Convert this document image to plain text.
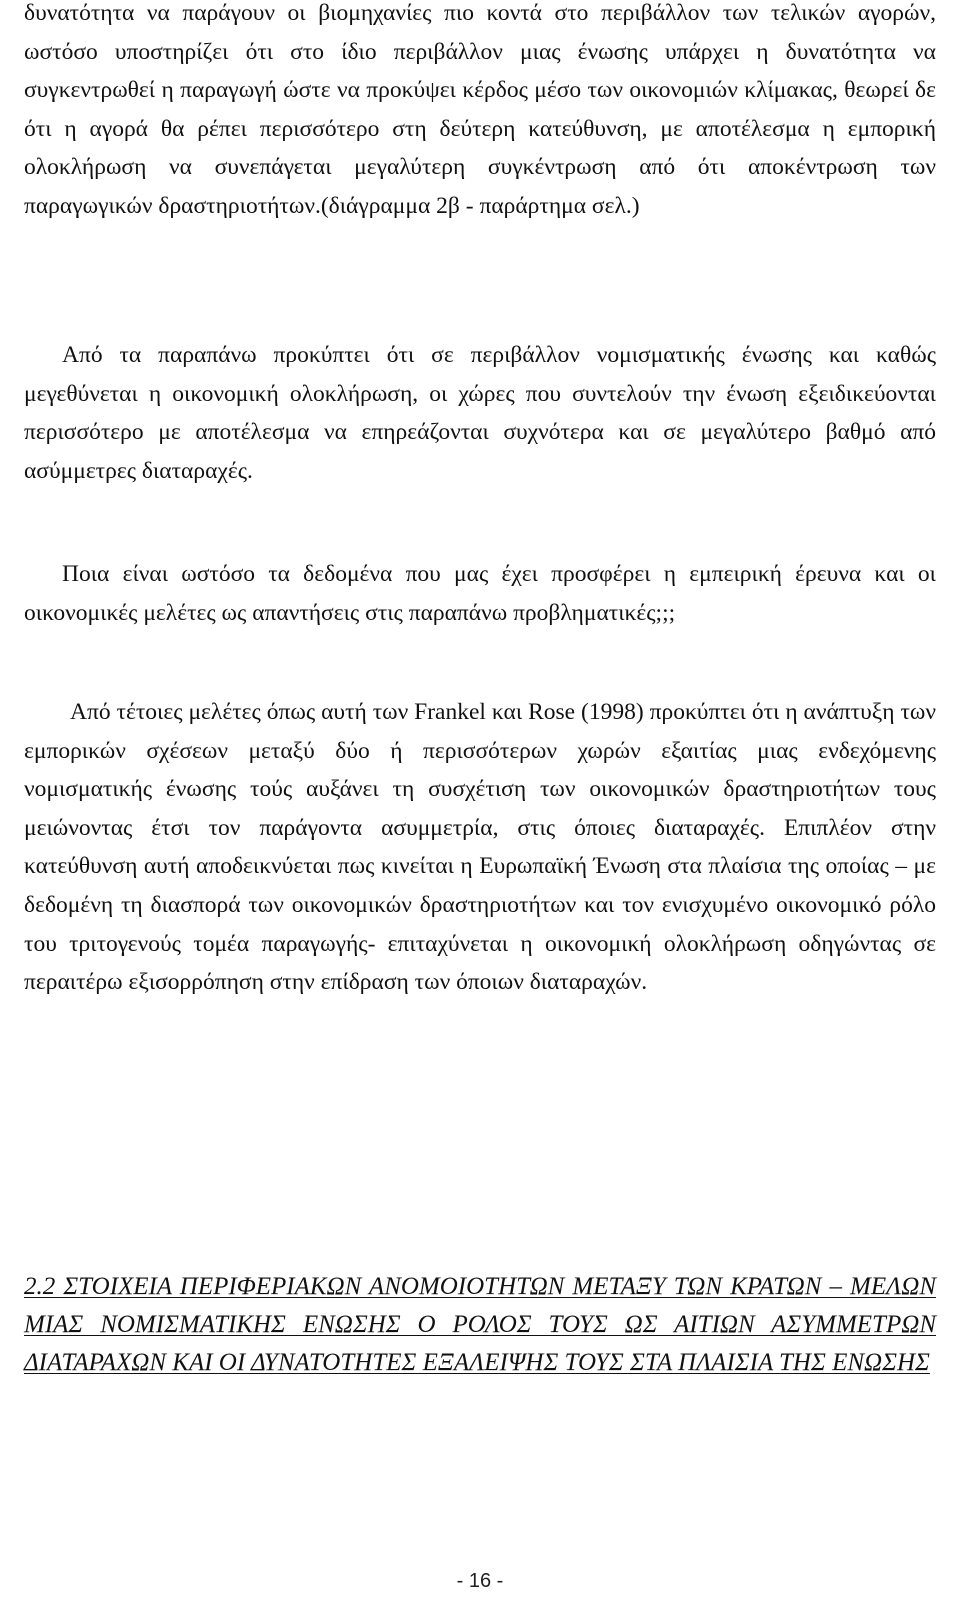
δυνατότητα να παράγουν οι βιομηχανίες πιο κοντά στο περιβάλλον των τελικών αγορών, ωστόσο υποστηρίζει ότι στο ίδιο περιβάλλον μιας ένωσης υπάρχει η δυνατότητα να συγκεντρωθεί η παραγωγή ώστε να προκύψει κέρδος μέσο των οικονομιών κλίμακας, θεωρεί δε ότι η αγορά θα ρέπει περισσότερο στη δεύτερη κατεύθυνση, με αποτέλεσμα η εμπορική ολοκλήρωση να συνεπάγεται μεγαλύτερη συγκέντρωση από ότι αποκέντρωση των παραγωγικών δραστηριοτήτων.(διάγραμμα 2β - παράρτημα σελ.)

Από τα παραπάνω προκύπτει ότι σε περιβάλλον νομισματικής ένωσης και καθώς μεγεθύνεται η οικονομική ολοκλήρωση, οι χώρες που συντελούν την ένωση εξειδικεύονται περισσότερο με αποτέλεσμα να επηρεάζονται συχνότερα και σε μεγαλύτερο βαθμό από ασύμμετρες διαταραχές.

Ποια είναι ωστόσο τα δεδομένα που μας έχει προσφέρει η εμπειρική έρευνα και οι οικονομικές μελέτες ως απαντήσεις στις παραπάνω προβληματικές;;;

Από τέτοιες μελέτες όπως αυτή των Frankel και Rose (1998) προκύπτει ότι η ανάπτυξη των εμπορικών σχέσεων μεταξύ δύο ή περισσότερων χωρών εξαιτίας μιας ενδεχόμενης νομισματικής ένωσης τούς αυξάνει τη συσχέτιση των οικονομικών δραστηριοτήτων τους μειώνοντας έτσι τον παράγοντα ασυμμετρία, στις όποιες διαταραχές. Επιπλέον στην κατεύθυνση αυτή αποδεικνύεται πως κινείται η Ευρωπαϊκή Ένωση στα πλαίσια της οποίας – με δεδομένη τη διασπορά των οικονομικών δραστηριοτήτων και τον ενισχυμένο οικονομικό ρόλο του τριτογενούς τομέα παραγωγής- επιταχύνεται η οικονομική ολοκλήρωση οδηγώντας σε περαιτέρω εξισορρόπηση στην επίδραση των όποιων διαταραχών.

2.2 ΣΤΟΙΧΕΙΑ ΠΕΡΙΦΕΡΙΑΚΩΝ ΑΝΟΜΟΙΟΤΗΤΩΝ ΜΕΤΑΞΥ ΤΩΝ ΚΡΑΤΩΝ – ΜΕΛΩΝ ΜΙΑΣ ΝΟΜΙΣΜΑΤΙΚΗΣ ΕΝΩΣΗΣ Ο ΡΟΛΟΣ ΤΟΥΣ ΩΣ ΑΙΤΙΩΝ ΑΣΥΜΜΕΤΡΩΝ ΔΙΑΤΑΡΑΧΩΝ ΚΑΙ ΟΙ ΔΥΝΑΤΟΤΗΤΕΣ ΕΞΑΛΕΙΨΗΣ ΤΟΥΣ ΣΤΑ ΠΛΑΙΣΙΑ ΤΗΣ ΕΝΩΣΗΣ

- 16 -
